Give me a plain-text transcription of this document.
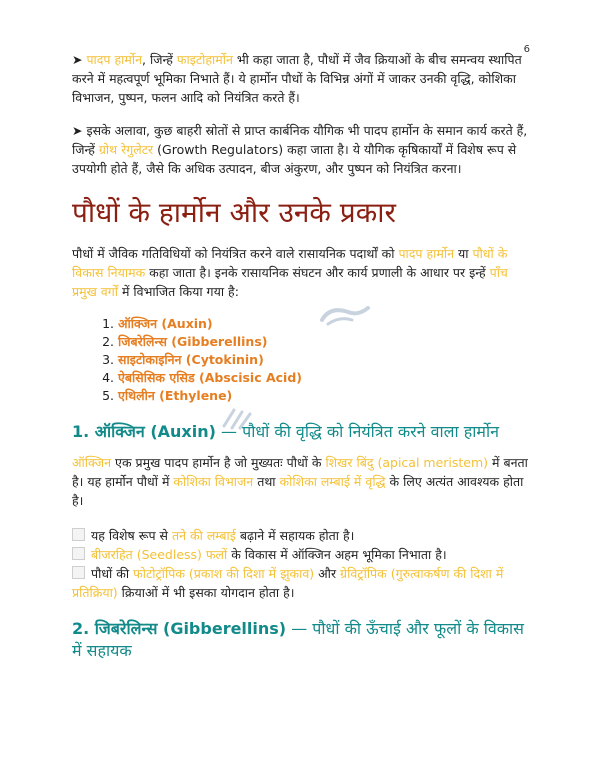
6

➤ पादप हार्मोन, जिन्हें फाइटोहार्मोन भी कहा जाता है, पौधों में जैव क्रियाओं के बीच समन्वय स्थापित करने में महत्वपूर्ण भूमिका निभाते हैं। ये हार्मोन पौधों के विभिन्न अंगों में जाकर उनकी वृद्धि, कोशिका विभाजन, पुष्पन, फलन आदि को नियंत्रित करते हैं।

➤ इसके अलावा, कुछ बाहरी स्रोतों से प्राप्त कार्बनिक यौगिक भी पादप हार्मोन के समान कार्य करते हैं, जिन्हें ग्रोथ रेगुलेटर (Growth Regulators) कहा जाता है। ये यौगिक कृषिकार्यों में विशेष रूप से उपयोगी होते हैं, जैसे कि अधिक उत्पादन, बीज अंकुरण, और पुष्पन को नियंत्रित करना।

पौधों के हार्मोन और उनके प्रकार

पौधों में जैविक गतिविधियों को नियंत्रित करने वाले रासायनिक पदार्थों को पादप हार्मोन या पौधों के विकास नियामक कहा जाता है। इनके रासायनिक संघटन और कार्य प्रणाली के आधार पर इन्हें पाँच प्रमुख वर्गों में विभाजित किया गया है:

1. ऑक्जिन (Auxin)
2. जिबरेलिन्स (Gibberellins)
3. साइटोकाइनिन (Cytokinin)
4. ऐबसिसिक एसिड (Abscisic Acid)
5. एथिलीन (Ethylene)
1. ऑक्जिन (Auxin) — पौधों की वृद्धि को नियंत्रित करने वाला हार्मोन

ऑक्जिन एक प्रमुख पादप हार्मोन है जो मुख्यतः पौधों के शिखर बिंदु (apical meristem) में बनता है। यह हार्मोन पौधों में कोशिका विभाजन तथा कोशिका लम्बाई में वृद्धि के लिए अत्यंत आवश्यक होता है।

यह विशेष रूप से तने की लम्बाई बढ़ाने में सहायक होता है।

बीजरहित (Seedless) फलों के विकास में ऑक्जिन अहम भूमिका निभाता है।

पौधों की फोटोट्रॉपिक (प्रकाश की दिशा में झुकाव) और ग्रेविट्रॉपिक (गुरुत्वाकर्षण की दिशा में प्रतिक्रिया) क्रियाओं में भी इसका योगदान होता है।

2. जिबरेलिन्स (Gibberellins) — पौधों की ऊँचाई और फूलों के विकास में सहायक
